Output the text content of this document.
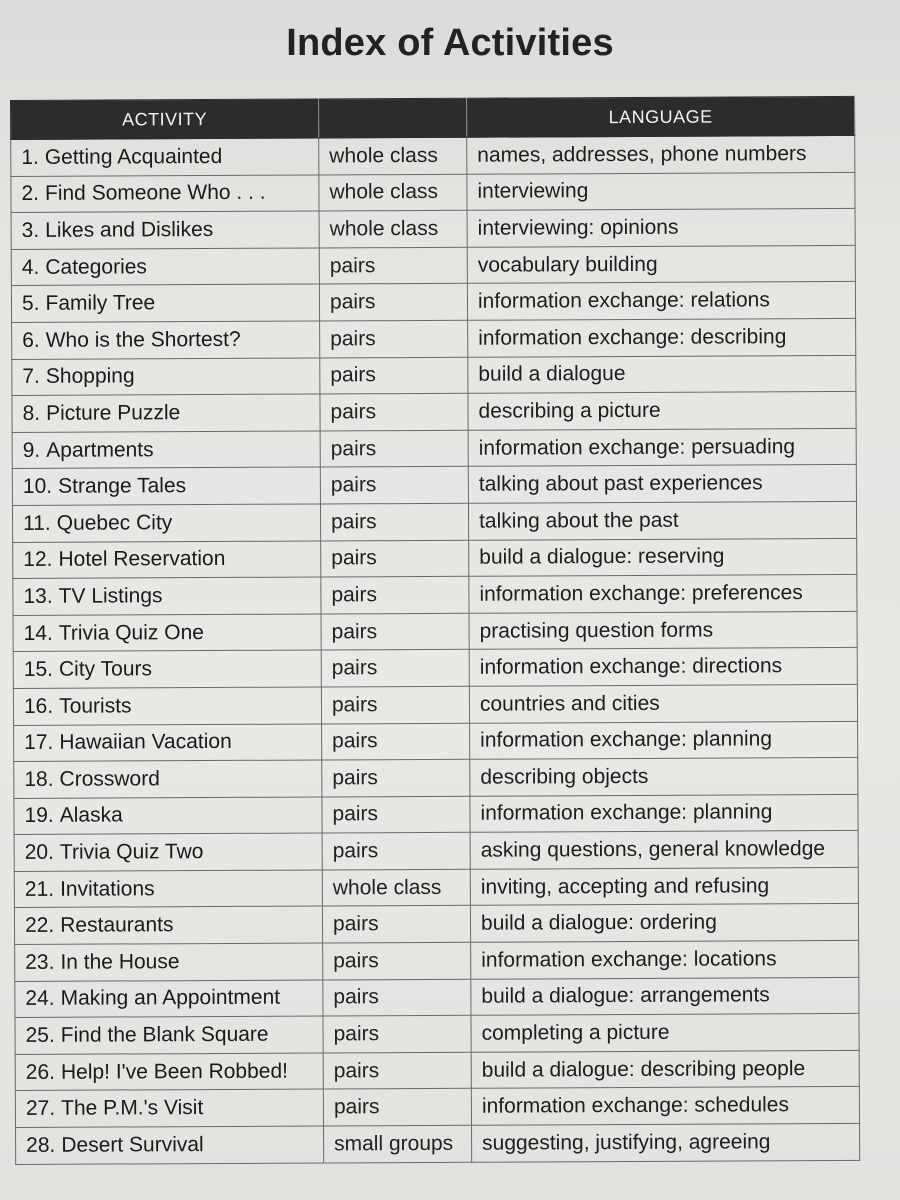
Index of Activities
ACTIVITY		LANGUAGE
1. Getting Acquainted	whole class	names, addresses, phone numbers
2. Find Someone Who . . .	whole class	interviewing
3. Likes and Dislikes	whole class	interviewing: opinions
4. Categories	pairs	vocabulary building
5. Family Tree	pairs	information exchange: relations
6. Who is the Shortest?	pairs	information exchange: describing
7. Shopping	pairs	build a dialogue
8. Picture Puzzle	pairs	describing a picture
9. Apartments	pairs	information exchange: persuading
10. Strange Tales	pairs	talking about past experiences
11. Quebec City	pairs	talking about the past
12. Hotel Reservation	pairs	build a dialogue: reserving
13. TV Listings	pairs	information exchange: preferences
14. Trivia Quiz One	pairs	practising question forms
15. City Tours	pairs	information exchange: directions
16. Tourists	pairs	countries and cities
17. Hawaiian Vacation	pairs	information exchange: planning
18. Crossword	pairs	describing objects
19. Alaska	pairs	information exchange: planning
20. Trivia Quiz Two	pairs	asking questions, general knowledge
21. Invitations	whole class	inviting, accepting and refusing
22. Restaurants	pairs	build a dialogue: ordering
23. In the House	pairs	information exchange: locations
24. Making an Appointment	pairs	build a dialogue: arrangements
25. Find the Blank Square	pairs	completing a picture
26. Help! I've Been Robbed!	pairs	build a dialogue: describing people
27. The P.M.'s Visit	pairs	information exchange: schedules
28. Desert Survival	small groups	suggesting, justifying, agreeing
